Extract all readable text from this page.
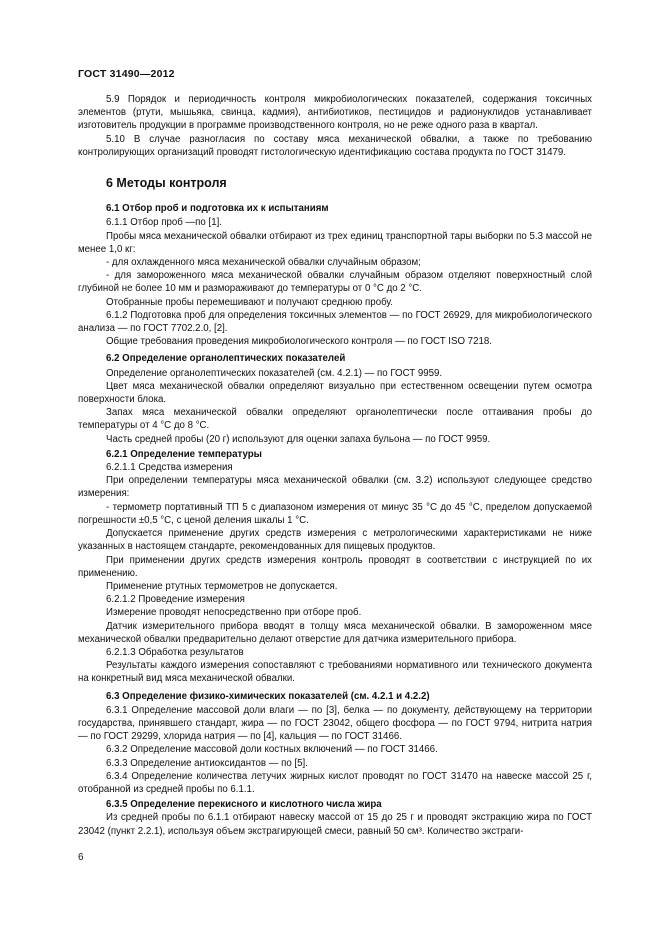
ГОСТ 31490—2012

5.9 Порядок и периодичность контроля микробиологических показателей, содержания токсичных элементов (ртути, мышьяка, свинца, кадмия), антибиотиков, пестицидов и радионуклидов устанавливает изготовитель продукции в программе производственного контроля, но не реже одного раза в квартал.

5.10 В случае разногласия по составу мяса механической обвалки, а также по требованию контролирующих организаций проводят гистологическую идентификацию состава продукта по ГОСТ 31479.

6 Методы контроля

6.1 Отбор проб и подготовка их к испытаниям

6.1.1 Отбор проб —по [1].

Пробы мяса механической обвалки отбирают из трех единиц транспортной тары выборки по 5.3 массой не менее 1,0 кг:

- для охлажденного мяса механической обвалки случайным образом;

- для замороженного мяса механической обвалки случайным образом отделяют поверхностный слой глубиной не более 10 мм и размораживают до температуры от 0 °С до 2 °С.

Отобранные пробы перемешивают и получают среднюю пробу.

6.1.2 Подготовка проб для определения токсичных элементов — по ГОСТ 26929, для микробиологического анализа — по ГОСТ 7702.2.0, [2].

Общие требования проведения микробиологического контроля — по ГОСТ ISO 7218.

6.2 Определение органолептических показателей

Определение органолептических показателей (см. 4.2.1) — по ГОСТ 9959.

Цвет мяса механической обвалки определяют визуально при естественном освещении путем осмотра поверхности блока.

Запах мяса механической обвалки определяют органолептически после оттаивания пробы до температуры от 4 °С до 8 °С.

Часть средней пробы (20 г) используют для оценки запаха бульона — по ГОСТ 9959.

6.2.1 Определение температуры

6.2.1.1 Средства измерения

При определении температуры мяса механической обвалки (см. 3.2) используют следующее средство измерения:

- термометр портативный ТП 5 с диапазоном измерения от минус 35 °С до 45 °С, пределом допускаемой погрешности ±0,5 °С, с ценой деления шкалы 1 °С.

Допускается применение других средств измерения с метрологическими характеристиками не ниже указанных в настоящем стандарте, рекомендованных для пищевых продуктов.

При применении других средств измерения контроль проводят в соответствии с инструкцией по их применению.

Применение ртутных термометров не допускается.

6.2.1.2 Проведение измерения

Измерение проводят непосредственно при отборе проб.

Датчик измерительного прибора вводят в толщу мяса механической обвалки. В замороженном мясе механической обвалки предварительно делают отверстие для датчика измерительного прибора.

6.2.1.3 Обработка результатов

Результаты каждого измерения сопоставляют с требованиями нормативного или технического документа на конкретный вид мяса механической обвалки.

6.3 Определение физико-химических показателей (см. 4.2.1 и 4.2.2)

6.3.1 Определение массовой доли влаги — по [3], белка — по документу, действующему на территории государства, принявшего стандарт, жира — по ГОСТ 23042, общего фосфора — по ГОСТ 9794, нитрита натрия — по ГОСТ 29299, хлорида натрия — по [4], кальция — по ГОСТ 31466.

6.3.2 Определение массовой доли костных включений — по ГОСТ 31466.

6.3.3 Определение антиоксидантов — по [5].

6.3.4 Определение количества летучих жирных кислот проводят по ГОСТ 31470 на навеске массой 25 г, отобранной из средней пробы по 6.1.1.

6.3.5 Определение перекисного и кислотного числа жира

Из средней пробы по 6.1.1 отбирают навеску массой от 15 до 25 г и проводят экстракцию жира по ГОСТ 23042 (пункт 2.2.1), используя объем экстрагирующей смеси, равный 50 см³. Количество экстраги-

6
